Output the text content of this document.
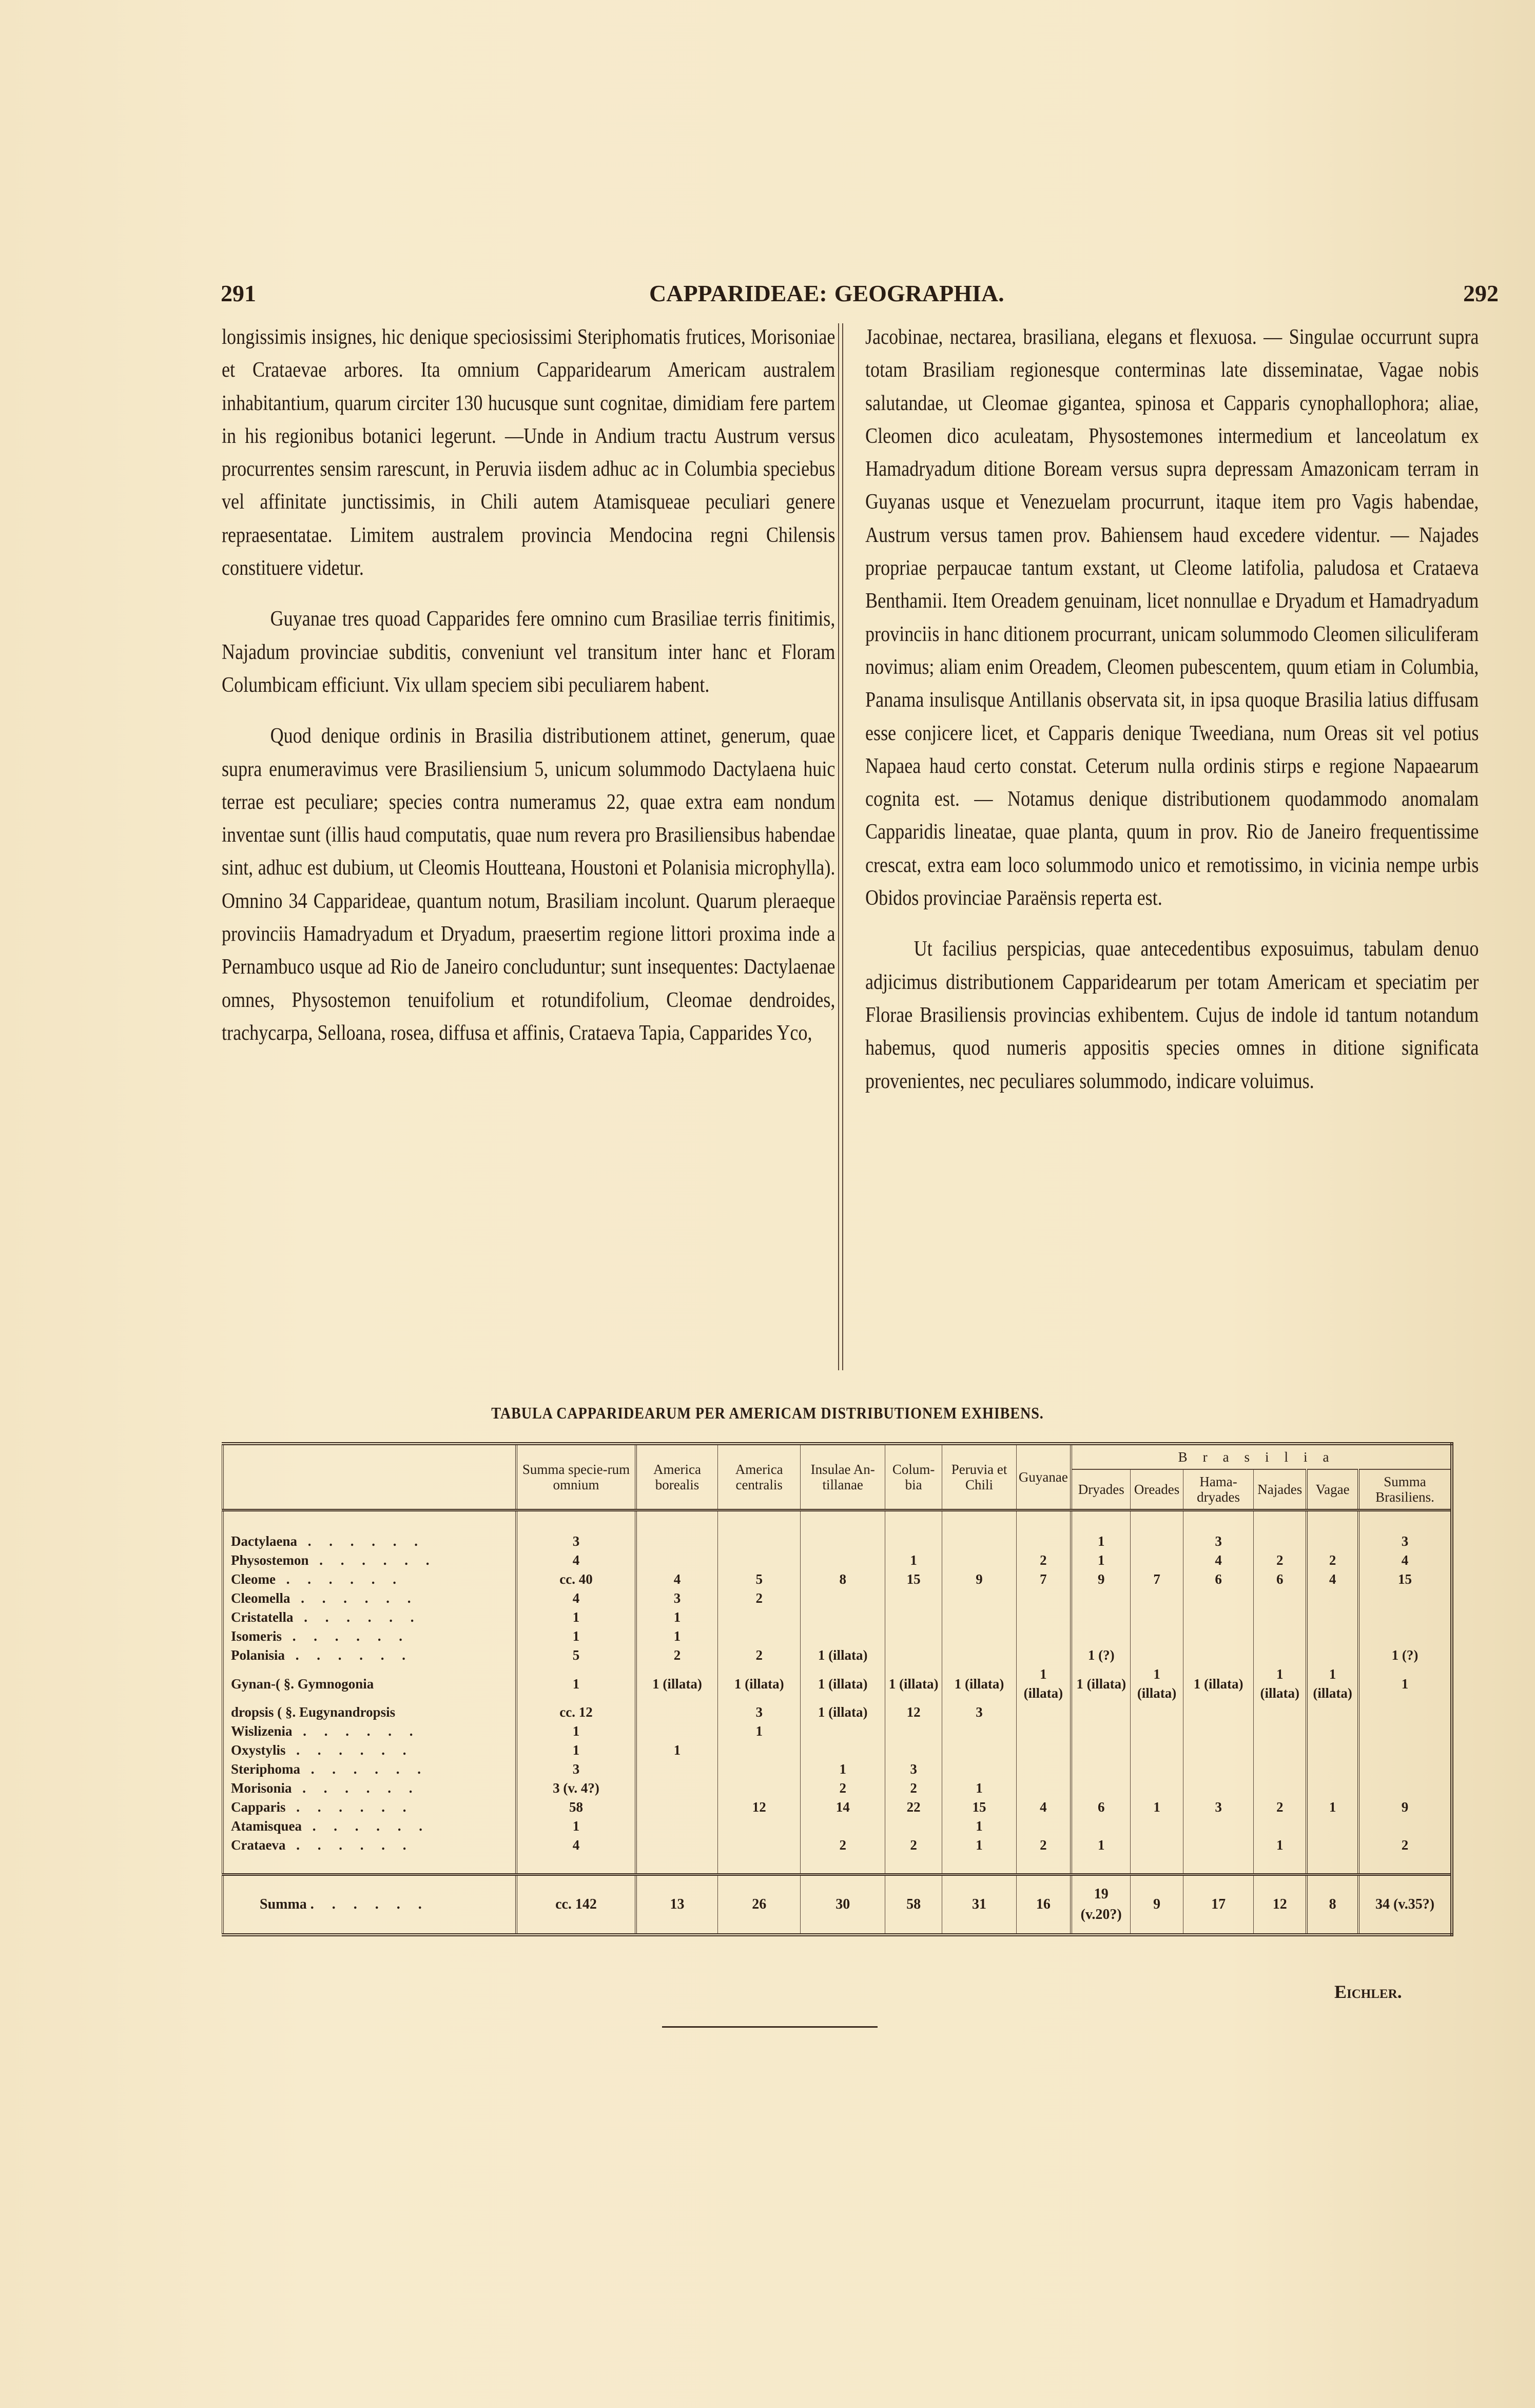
291	CAPPARIDEAE: GEOGRAPHIA.	292

longissimis insignes, hic denique speciosissimi Steriphomatis frutices, Morisoniae et Crataevae arbores. Ita omnium Capparidearum Americam australem inhabitantium, quarum circiter 130 hucusque sunt cognitae, dimidiam fere partem in his regionibus botanici legerunt. —Unde in Andium tractu Austrum versus procurrentes sensim rarescunt, in Peruvia iisdem adhuc ac in Columbia speciebus vel affinitate junctissimis, in Chili autem Atamisqueae peculiari genere repraesentatae. Limitem australem provincia Mendocina regni Chilensis constituere videtur.

Guyanae tres quoad Capparides fere omnino cum Brasiliae terris finitimis, Najadum provinciae subditis, conveniunt vel transitum inter hanc et Floram Columbicam efficiunt. Vix ullam speciem sibi peculiarem habent.

Quod denique ordinis in Brasilia distributionem attinet, generum, quae supra enumeravimus vere Brasiliensium 5, unicum solummodo Dactylaena huic terrae est peculiare; species contra numeramus 22, quae extra eam nondum inventae sunt (illis haud computatis, quae num revera pro Brasiliensibus habendae sint, adhuc est dubium, ut Cleomis Houtteana, Houstoni et Polanisia microphylla). Omnino 34 Capparideae, quantum notum, Brasiliam incolunt. Quarum pleraeque provinciis Hamadryadum et Dryadum, praesertim regione littori proxima inde a Pernambuco usque ad Rio de Janeiro concluduntur; sunt insequentes: Dactylaenae omnes, Physostemon tenuifolium et rotundifolium, Cleomae dendroides, trachycarpa, Selloana, rosea, diffusa et affinis, Crataeva Tapia, Capparides Yco,

Jacobinae, nectarea, brasiliana, elegans et flexuosa. — Singulae occurrunt supra totam Brasiliam regionesque conterminas late disseminatae, Vagae nobis salutandae, ut Cleomae gigantea, spinosa et Capparis cynophallophora; aliae, Cleomen dico aculeatam, Physostemones intermedium et lanceolatum ex Hamadryadum ditione Boream versus supra depressam Amazonicam terram in Guyanas usque et Venezuelam procurrunt, itaque item pro Vagis habendae, Austrum versus tamen prov. Bahiensem haud excedere videntur. — Najades propriae perpaucae tantum exstant, ut Cleome latifolia, paludosa et Crataeva Benthamii. Item Oreadem genuinam, licet nonnullae e Dryadum et Hamadryadum provinciis in hanc ditionem procurrant, unicam solummodo Cleomen siliculiferam novimus; aliam enim Oreadem, Cleomen pubescentem, quum etiam in Columbia, Panama insulisque Antillanis observata sit, in ipsa quoque Brasilia latius diffusam esse conjicere licet, et Capparis denique Tweediana, num Oreas sit vel potius Napaea haud certo constat. Ceterum nulla ordinis stirps e regione Napaearum cognita est. — Notamus denique distributionem quodammodo anomalam Capparidis lineatae, quae planta, quum in prov. Rio de Janeiro frequentissime crescat, extra eam loco solummodo unico et remotissimo, in vicinia nempe urbis Obidos provinciae Paraënsis reperta est.

Ut facilius perspicias, quae antecedentibus exposuimus, tabulam denuo adjicimus distributionem Capparidearum per totam Americam et speciatim per Florae Brasiliensis provincias exhibentem. Cujus de indole id tantum notandum habemus, quod numeris appositis species omnes in ditione significata provenientes, nec peculiares solummodo, indicare voluimus.

TABULA CAPPARIDEARUM PER AMERICAM DISTRIBUTIONEM EXHIBENS.
	Summa specie-rum omnium	America borealis	America centralis	Insulae An-tillanae	Colum-bia	Peruvia et Chili	Guyanae	Brasilia					
								Dryades	Oreades	Hama-dryades	Najades	Vagae	Summa Brasiliens.
Dactylaena . . . . . .	3							1		3			3
Physostemon . . . . . .	4				1		2	1		4	2	2	4
Cleome . . . . . .	cc. 40	4	5	8	15	9	7	9	7	6	6	4	15
Cleomella . . . . . .	4	3	2										
Cristatella . . . . . .	1	1											
Isomeris . . . . . .	1	1											
Polanisia . . . . . .	5	2	2	1 (illata)				1 (?)					1 (?)
Gynan-( §. Gymnogonia	1	1 (illata)	1 (illata)	1 (illata)	1 (illata)	1 (illata)	1 (illata)	1 (illata)	1 (illata)	1 (illata)	1 (illata)	1 (illata)	1
dropsis ( §. Eugynandropsis	cc. 12		3	1 (illata)	12	3							
Wislizenia . . . . . .	1		1										
Oxystylis . . . . . .	1	1											
Steriphoma . . . . . .	3			1	3								
Morisonia . . . . . .	3 (v. 4?)			2	2	1							
Capparis . . . . . .	58		12	14	22	15	4	6	1	3	2	1	9
Atamisquea . . . . . .	1					1							
Crataeva . . . . . .	4			2	2	1	2	1			1		2
Summa . . . . . .	cc. 142	13	26	30	58	31	16	19 (v.20?)	9	17	12	8	34 (v.35?)
Eichler.
